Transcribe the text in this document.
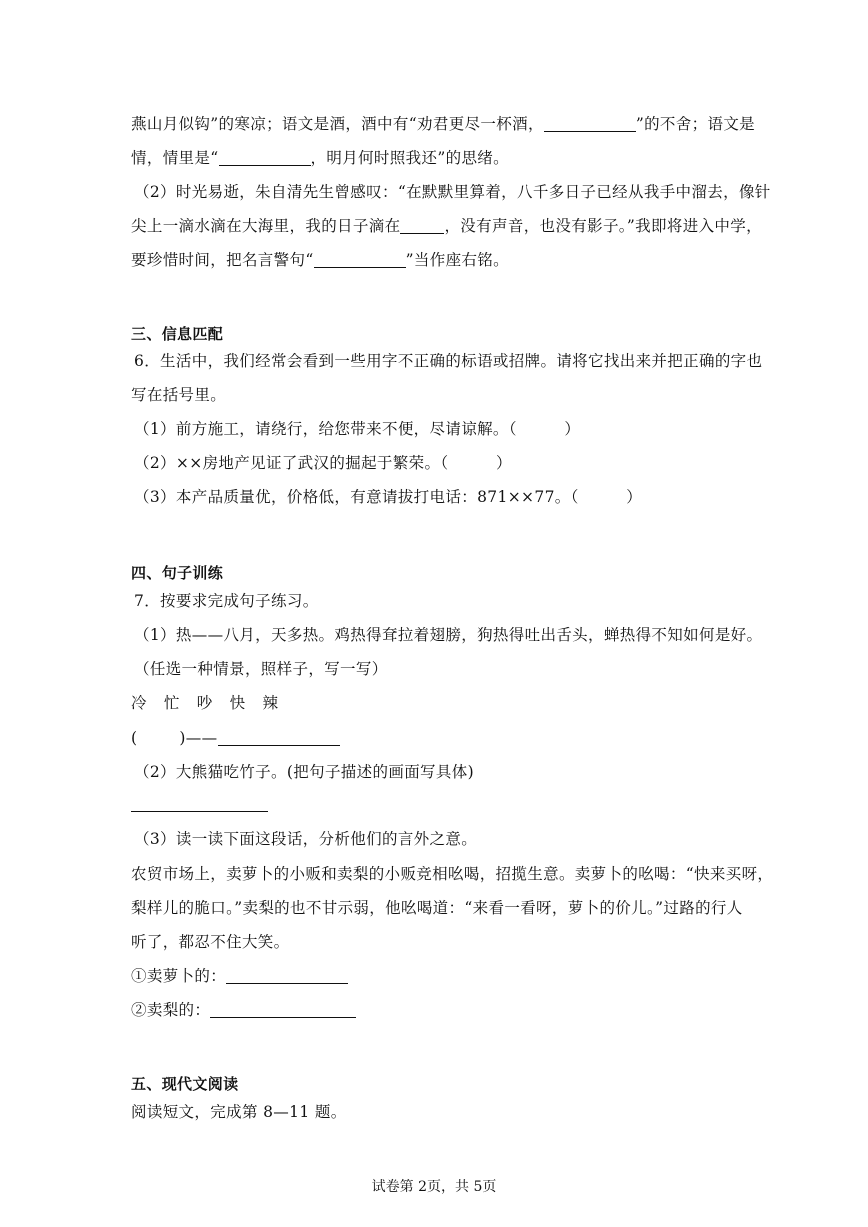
燕山月似钩”的寒凉；语文是酒，酒中有“劝君更尽一杯酒，	”的不舍；语文是
情，情里是“	，明月何时照我还”的思绪。
（2）时光易逝，朱自清先生曾感叹：“在默默里算着，八千多日子已经从我手中溜去，像针
尖上一滴水滴在大海里，我的日子滴在	，没有声音，也没有影子。”我即将进入中学，
要珍惜时间，把名言警句“	”当作座右铭。
三、信息匹配
6．生活中，我们经常会看到一些用字不正确的标语或招牌。请将它找出来并把正确的字也
写在括号里。
（1）前方施工，请绕行，给您带来不便，尽请谅解。（　　　）
（2）××房地产见证了武汉的掘起于繁荣。（　　　）
（3）本产品质量优，价格低，有意请拔打电话：871××77。（　　　）
四、句子训练
7．按要求完成句子练习。
（1）热——八月，天多热。鸡热得耷拉着翅膀，狗热得吐出舌头，蝉热得不知如何是好。
（任选一种情景，照样子，写一写）
冷 忙 吵 快 辣
(	)——
（2）大熊猫吃竹子。(把句子描述的画面写具体)
（3）读一读下面这段话，分析他们的言外之意。
农贸市场上，卖萝卜的小贩和卖梨的小贩竞相吆喝，招揽生意。卖萝卜的吆喝：“快来买呀，
梨样儿的脆口。”卖梨的也不甘示弱，他吆喝道：“来看一看呀，萝卜的价儿。”过路的行人
听了，都忍不住大笑。
①卖萝卜的：
②卖梨的：
五、现代文阅读
阅读短文，完成第 8—11 题。
试卷第 2页，共 5页
